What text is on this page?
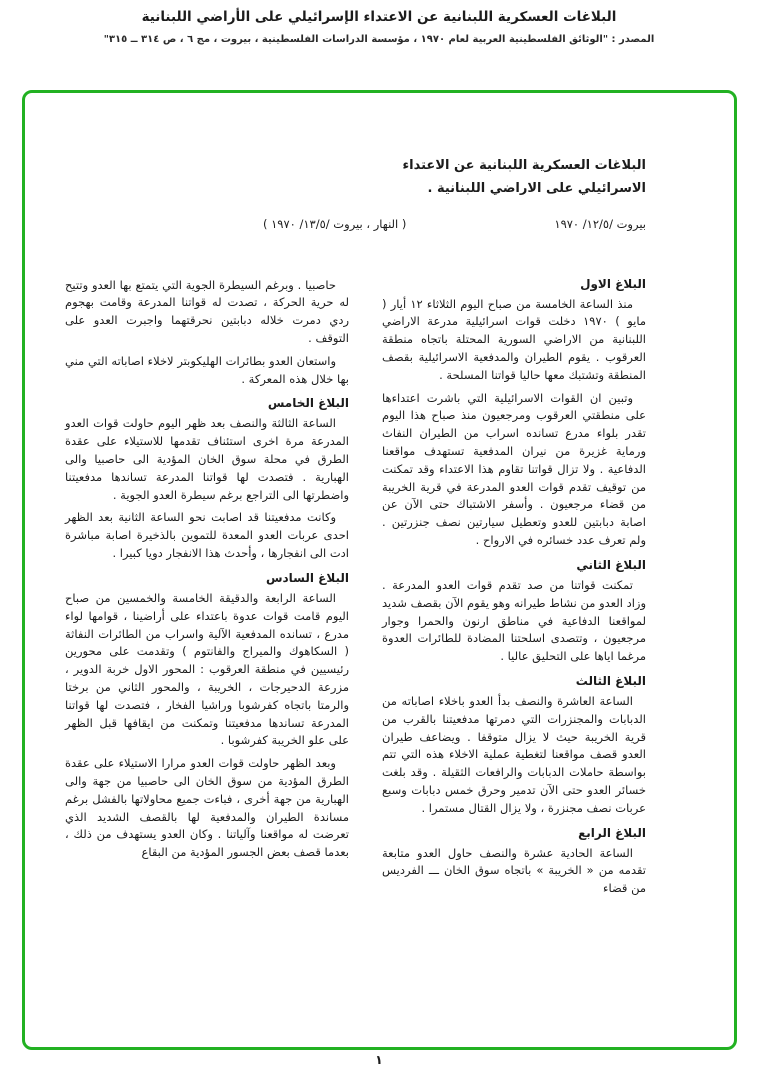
البلاغات العسكرية اللبنانية عن الاعتداء الإسرائيلي على الأراضي اللبنانية
المصدر : "الوثائق الفلسطينية العربية لعام ١٩٧٠ ، مؤسسة الدراسات الفلسطينية ، بيروت ، مج ٦ ، ص ٣١٤ ــ ٣١٥"
البلاغات العسكرية اللبنانية عن الاعتداء الاسرائيلي على الاراضي اللبنانية .
بيروت /١٢/٥/ ١٩٧٠
( النهار ، بيروت /١٣/٥/ ١٩٧٠ )
البلاغ الاول

منذ الساعة الخامسة من صباح اليوم الثلاثاء ١٢ أيار ( مايو ) ١٩٧٠ دخلت قوات اسرائيلية مدرعة الاراضي اللبنانية من الاراضي السورية المحتلة باتجاه منطقة العرقوب . يقوم الطيران والمدفعية الاسرائيلية بقصف المنطقة وتشتبك معها حاليا قواتنا المسلحة .

وتبين ان القوات الاسرائيلية التي باشرت اعتداءها على منطقتي العرقوب ومرجعيون منذ صباح هذا اليوم تقدر بلواء مدرع تسانده اسراب من الطيران النفاث ورماية غزيرة من نيران المدفعية تستهدف مواقعنا الدفاعية . ولا تزال قواتنا تقاوم هذا الاعتداء وقد تمكنت من توقيف تقدم قوات العدو المدرعة في قرية الخريبة من قضاء مرجعيون . وأسفر الاشتباك حتى الآن عن اصابة دبابتين للعدو وتعطيل سيارتين نصف جنزرتين . ولم تعرف عدد خسائره في الارواح .

البلاغ الثاني

تمكنت قواتنا من صد تقدم قوات العدو المدرعة . وزاد العدو من نشاط طيرانه وهو يقوم الآن بقصف شديد لمواقعنا الدفاعية في مناطق ارنون والحمرا وجوار مرجعيون ، وتتصدى اسلحتنا المضادة للطائرات العدوة مرغما اياها على التحليق عاليا .

البلاغ الثالث

الساعة العاشرة والنصف بدأ العدو باخلاء اصاباته من الدبابات والمجنزرات التي دمرتها مدفعيتنا بالقرب من قرية الخريبة حيث لا يزال متوقفا . ويضاعف طيران العدو قصف مواقعنا لتغطية عملية الاخلاء هذه التي تتم بواسطة حاملات الدبابات والرافعات الثقيلة . وقد بلغت خسائر العدو حتى الآن تدمير وحرق خمس دبابات وسبع عربات نصف مجنزرة ، ولا يزال القتال مستمرا .

البلاغ الرابع

الساعة الحادية عشرة والنصف حاول العدو متابعة تقدمه من « الخريبة » باتجاه سوق الخان ـــ الفرديس من قضاء

حاصبيا . وبرغم السيطرة الجوية التي يتمتع بها العدو وتتيح له حرية الحركة ، تصدت له قواتنا المدرعة وقامت بهجوم ردي دمرت خلاله دبابتين نحرقتهما واجبرت العدو على التوقف .

واستعان العدو بطائرات الهليكوبتر لاخلاء اصاباته التي مني بها خلال هذه المعركة .

البلاغ الخامس

الساعة الثالثة والنصف بعد ظهر اليوم حاولت قوات العدو المدرعة مرة اخرى استئناف تقدمها للاستيلاء على عقدة الطرق في محلة سوق الخان المؤدية الى حاصبيا والى الهبارية . فتصدت لها قواتنا المدرعة تساندها مدفعيتنا واضطرتها الى التراجع برغم سيطرة العدو الجوية .

وكانت مدفعيتنا قد اصابت نحو الساعة الثانية بعد الظهر احدى عربات العدو المعدة للتموين بالذخيرة اصابة مباشرة ادت الى انفجارها ، وأحدث هذا الانفجار دويا كبيرا .

البلاغ السادس

الساعة الرابعة والدقيقة الخامسة والخمسين من صباح اليوم قامت قوات عدوة باعتداء على أراضينا ، قوامها لواء مدرع ، تسانده المدفعية الآلية واسراب من الطائرات النفاثة ( السكاهوك والميراج والفانتوم ) وتقدمت على محورين رئيسيين في منطقة العرقوب : المحور الاول خربة الدوير ، مزرعة الدحيرجات ، الخريبة ، والمحور الثاني من برختا والرمتا باتجاه كفرشوبا وراشيا الفخار ، فتصدت لها قواتنا المدرعة تساندها مدفعيتنا وتمكنت من ايقافها قبل الظهر على علو الخريبة كفرشوبا .

وبعد الظهر حاولت قوات العدو مرارا الاستيلاء على عقدة الطرق المؤدية من سوق الخان الى حاصبيا من جهة والى الهبارية من جهة أخرى ، فباءت جميع محاولاتها بالفشل برغم مساندة الطيران والمدفعية لها بالقصف الشديد الذي تعرضت له مواقعنا وآلياتنا . وكان العدو يستهدف من ذلك ، بعدما قصف بعض الجسور المؤدية من البقاع

١
